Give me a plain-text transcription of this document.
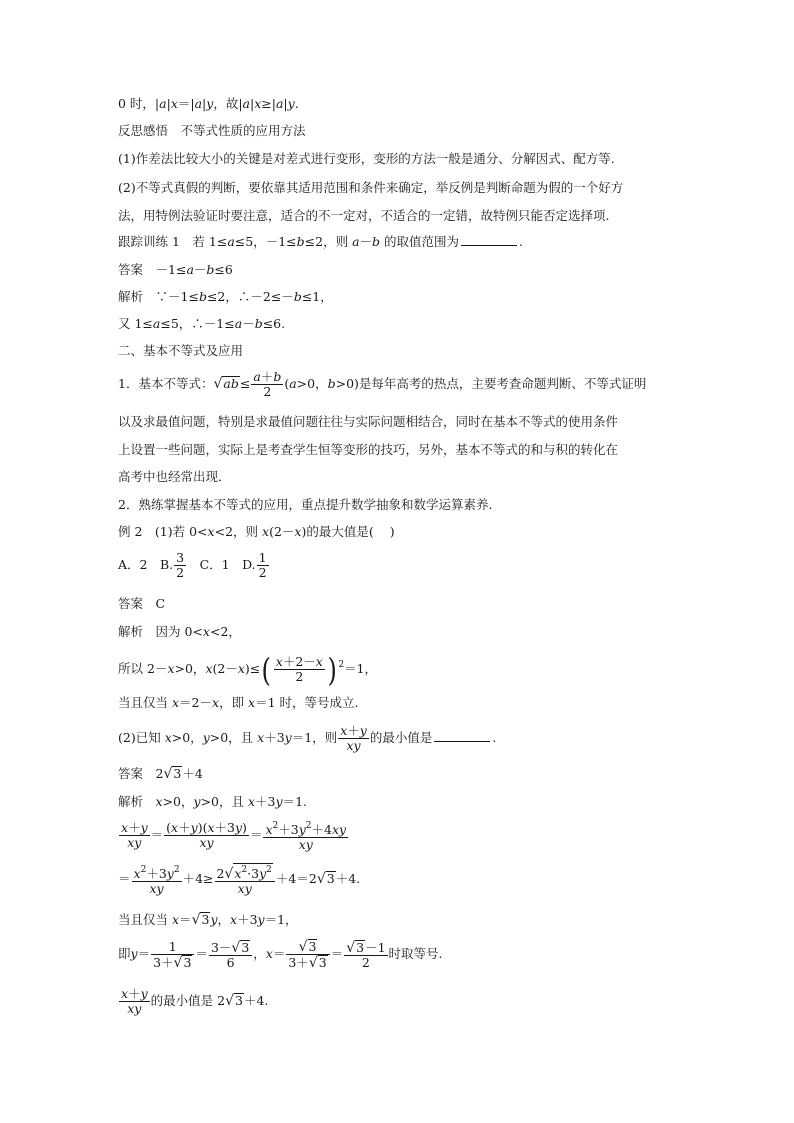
0 时，|a|x＝|a|y，故|a|x≥|a|y.
反思感悟　不等式性质的应用方法
(1)作差法比较大小的关键是对差式进行变形，变形的方法一般是通分、分解因式、配方等.
(2)不等式真假的判断，要依靠其适用范围和条件来确定，举反例是判断命题为假的一个好方
法，用特例法验证时要注意，适合的不一定对，不适合的一定错，故特例只能否定选择项.
跟踪训练 1　若 1≤a≤5，－1≤b≤2，则 a－b 的取值范围为	.
答案　－1≤a－b≤6
解析　∵－1≤b≤2，∴－2≤－b≤1，
又 1≤a≤5，∴－1≤a－b≤6.
二、基本不等式及应用
1．基本不等式：$√ab\le \frac{a+b}{2} (a>0$，b>0)是每年高考的热点，主要考查命题判断、不等式证明
以及求最值问题，特别是求最值问题往往与实际问题相结合，同时在基本不等式的使用条件
上设置一些问题，实际上是考查学生恒等变形的技巧，另外，基本不等式的和与积的转化在
高考中也经常出现．
2．熟练掌握基本不等式的应用，重点提升数学抽象和数学运算素养．
例 2　(1)若 0<x<2，则 x(2－x)的最大值是( )
A．2　B. $\frac{3}{2}$ 　C．1　D. $\frac{1}{2}$
答案　C
解析　因为 0<x<2，
所以 2－x>0，$x(2-x)\le( \frac{x+2-x}{2}$ ) $^2$＝1，
当且仅当 x＝2－x，即 x＝1 时，等号成立.
(2)已知 x>0，y>0，且 x＋3y＝1，则 $\frac{x+y}{xy}$ 的最小值是	.
答案　2√3＋4
解析　x>0，y>0，且 x＋3y＝1.
$\frac{x+y}{xy} = \frac{(x+y)(x+3y)}{xy} = \frac{x^2+3y^2+4xy}{xy}$
＝ $\frac{x^2+3y^2}{xy} +4\ge \frac{2√x^2\cdot 3y^2}{xy} +4=2√3+4$.
当且仅当 x＝√3y，x＋3y＝1，
即$y= \frac{1}{3+√3} = \frac{3-√3}{6}$ ，$x= \frac{√3}{3+√3} = \frac{√3-1}{2}$ 时取等号.
$\frac{x+y}{xy}$ 的最小值是 2√3＋4.
